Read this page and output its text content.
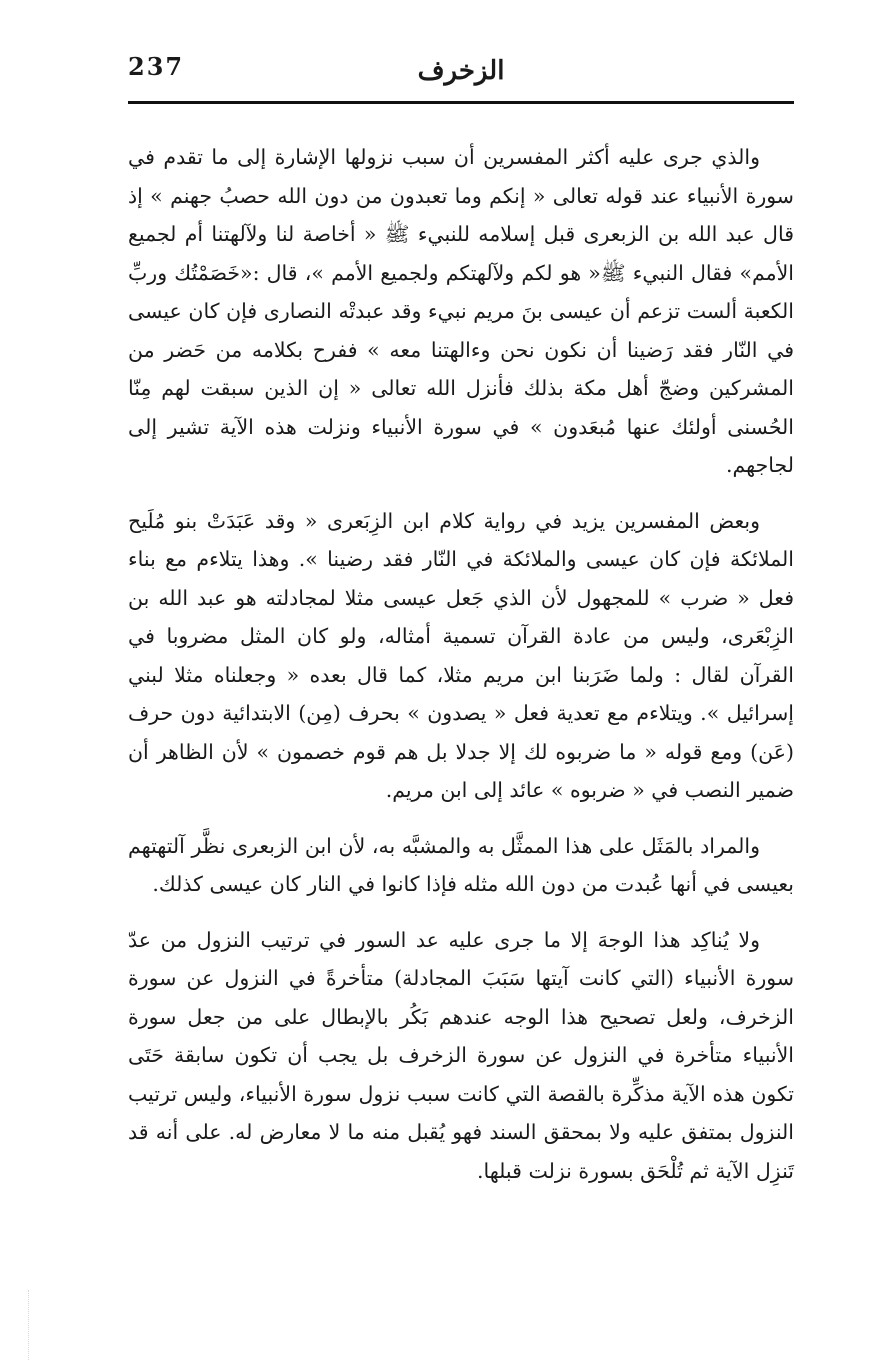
237	الزخرف

والذي جرى عليه أكثر المفسرين أن سبب نزولها الإشارة إلى ما تقدم في سورة الأنبياء عند قوله تعالى « إنكم وما تعبدون من دون الله حصبُ جهنم » إذ قال عبد الله بن الزبعرى قبل إسلامه للنبيء ﷺ « أخاصة لنا ولآلهتنا أم لجميع الأمم» فقال النبيء ﷺ« هو لكم ولآلهتكم ولجميع الأمم »، قال :«خَصَمْتُك وربِّ الكعبة ألست تزعم أن عيسى بنَ مريم نبيء وقد عبدتْه النصارى فإن كان عيسى في النّار فقد رَضينا أن نكون نحن وءالهتنا معه » ففرح بكلامه من حَضر من المشركين وضجّ أهل مكة بذلك فأنزل الله تعالى « إن الذين سبقت لهم مِنّا الحُسنى أولئك عنها مُبعَدون » في سورة الأنبياء ونزلت هذه الآية تشير إلى لجاجهم.

وبعض المفسرين يزيد في رواية كلام ابن الزِبَعرى « وقد عَبَدَتْ بنو مُلَيح الملائكة فإن كان عيسى والملائكة في النّار فقد رضينا ». وهذا يتلاءم مع بناء فعل « ضرب » للمجهول لأن الذي جَعل عيسى مثلا لمجادلته هو عبد الله بن الزِبْعَرى، وليس من عادة القرآن تسمية أمثاله، ولو كان المثل مضروبا في القرآن لقال : ولما ضَرَبنا ابن مريم مثلا، كما قال بعده « وجعلناه مثلا لبني إسرائيل ». ويتلاءم مع تعدية فعل « يصدون » بحرف (مِن) الابتدائية دون حرف (عَن) ومع قوله « ما ضربوه لك إلا جدلا بل هم قوم خصمون » لأن الظاهر أن ضمير النصب في « ضربوه » عائد إلى ابن مريم.

والمراد بالمَثَل على هذا الممثَّل به والمشبَّه به، لأن ابن الزبعرى نظَّر آلتهتهم بعيسى في أنها عُبدت من دون الله مثله فإذا كانوا في النار كان عيسى كذلك.

ولا يُناكِد هذا الوجهَ إلا ما جرى عليه عد السور في ترتيب النزول من عدّ سورة الأنبياء (التي كانت آيتها سَبَبَ المجادلة) متأخرةً في النزول عن سورة الزخرف، ولعل تصحيح هذا الوجه عندهم بَكُر بالإبطال على من جعل سورة الأنبياء متأخرة في النزول عن سورة الزخرف بل يجب أن تكون سابقة حَتَى تكون هذه الآية مذكِّرة بالقصة التي كانت سبب نزول سورة الأنبياء، وليس ترتيب النزول بمتفق عليه ولا بمحقق السند فهو يُقبل منه ما لا معارض له. على أنه قد تَنزِل الآية ثم تُلْحَق بسورة نزلت قبلها.
